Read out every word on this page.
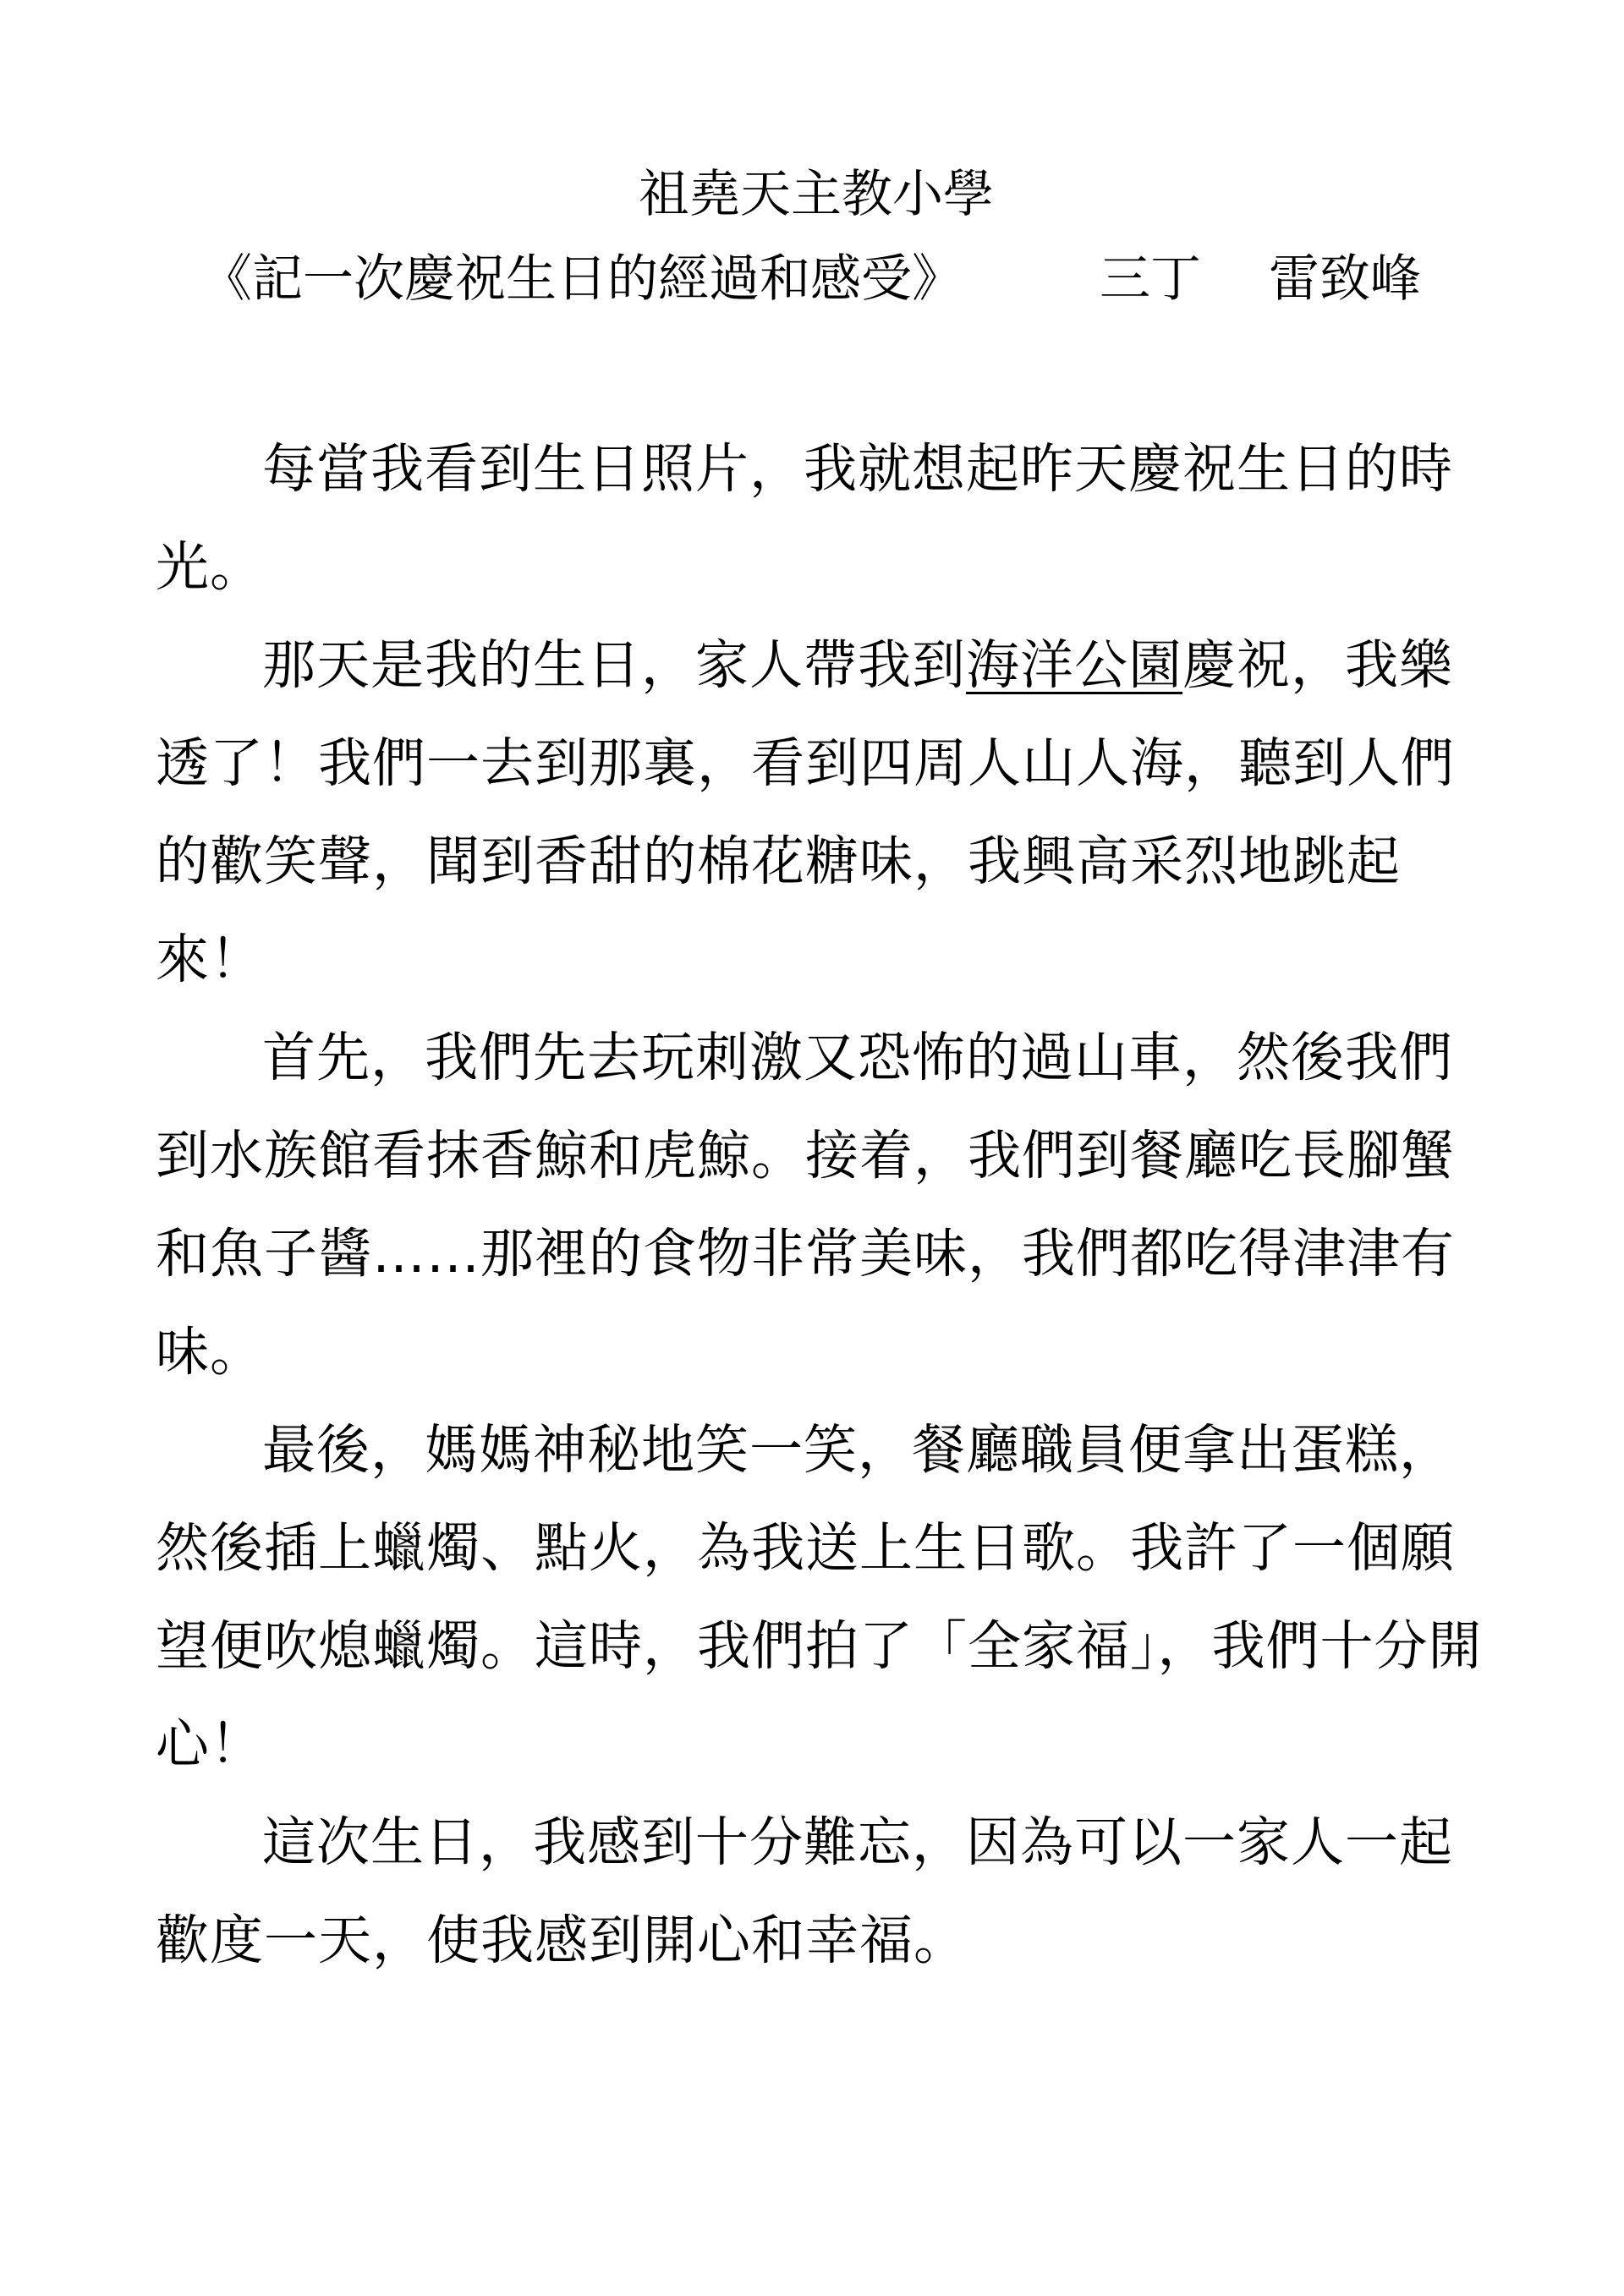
祖堯天主教小學
《記一次慶祝生日的經過和感受》	三丁 雷致峰

每當我看到生日照片，我就想起昨天慶祝生日的時光。

那天是我的生日，家人帶我到海洋公園慶祝，我樂透了！我們一去到那裏，看到四周人山人海，聽到人們的歡笑聲，聞到香甜的棉花糖味，我興高采烈地跳起來！

首先，我們先去玩刺激又恐怖的過山車，然後我們到水族館看抹香鯨和虎鯨。接着，我們到餐廳吃長腳蟹和魚子醬……那裡的食物非常美味，我們都吃得津津有味。

最後，媽媽神秘地笑一笑，餐廳職員便拿出蛋糕，然後插上蠟燭、點火，為我送上生日歌。我許了一個願望便吹熄蠟燭。這時，我們拍了「全家福」，我們十分開心！

這次生日，我感到十分難忘，因為可以一家人一起歡度一天，使我感到開心和幸福。
